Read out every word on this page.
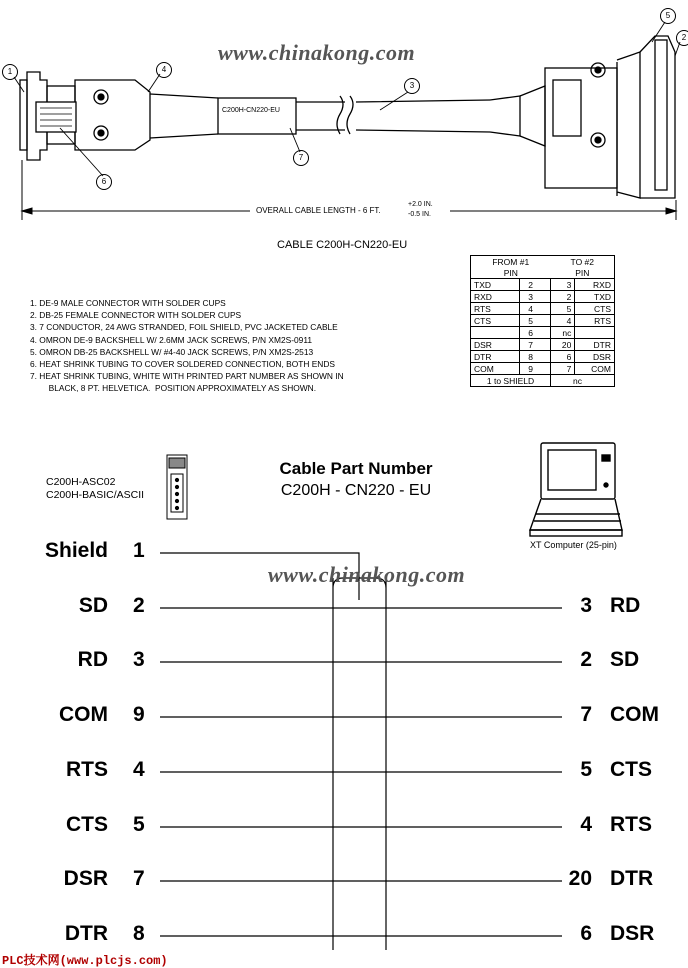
1	4
3
7
6
5
2
www.chinakong.com
C200H-CN220-EU
OVERALL CABLE LENGTH - 6 FT.
+2.0 IN.
-0.5 IN.
CABLE C200H-CN220-EU
1. DE-9 MALE CONNECTOR WITH SOLDER CUPS
2. DB-25 FEMALE CONNECTOR WITH SOLDER CUPS
3. 7 CONDUCTOR, 24 AWG STRANDED, FOIL SHIELD, PVC JACKETED CABLE
4. OMRON DE-9 BACKSHELL W/ 2.6MM JACK SCREWS, P/N XM2S-0911
5. OMRON DB-25 BACKSHELL W/ #4-40 JACK SCREWS, P/N XM2S-2513
6. HEAT SHRINK TUBING TO COVER SOLDERED CONNECTION, BOTH ENDS
7. HEAT SHRINK TUBING, WHITE WITH PRINTED PART NUMBER AS SHOWN IN
BLACK, 8 PT. HELVETICA.  POSITION APPROXIMATELY AS SHOWN.
FROM #1		TO #2	
PIN		PIN	
TXD	2	3	RXD
RXD	3	2	TXD
RTS	4	5	CTS
CTS	5	4	RTS
	6	nc	
DSR	7	20	DTR
DTR	8	6	DSR
COM	9	7	COM
1 to SHIELD		nc	
C200H-ASC02
C200H-BASIC/ASCII
Cable Part Number
C200H - CN220 - EU
XT Computer (25-pin)
www.chinakong.com
Shield 1
SD 2	3 RD
RD 3	2 SD
COM 9	7 COM
RTS 4	5 CTS
CTS 5	4 RTS
DSR 7	20 DTR
DTR 8	6 DSR
PLC技术网(www.plcjs.com)
